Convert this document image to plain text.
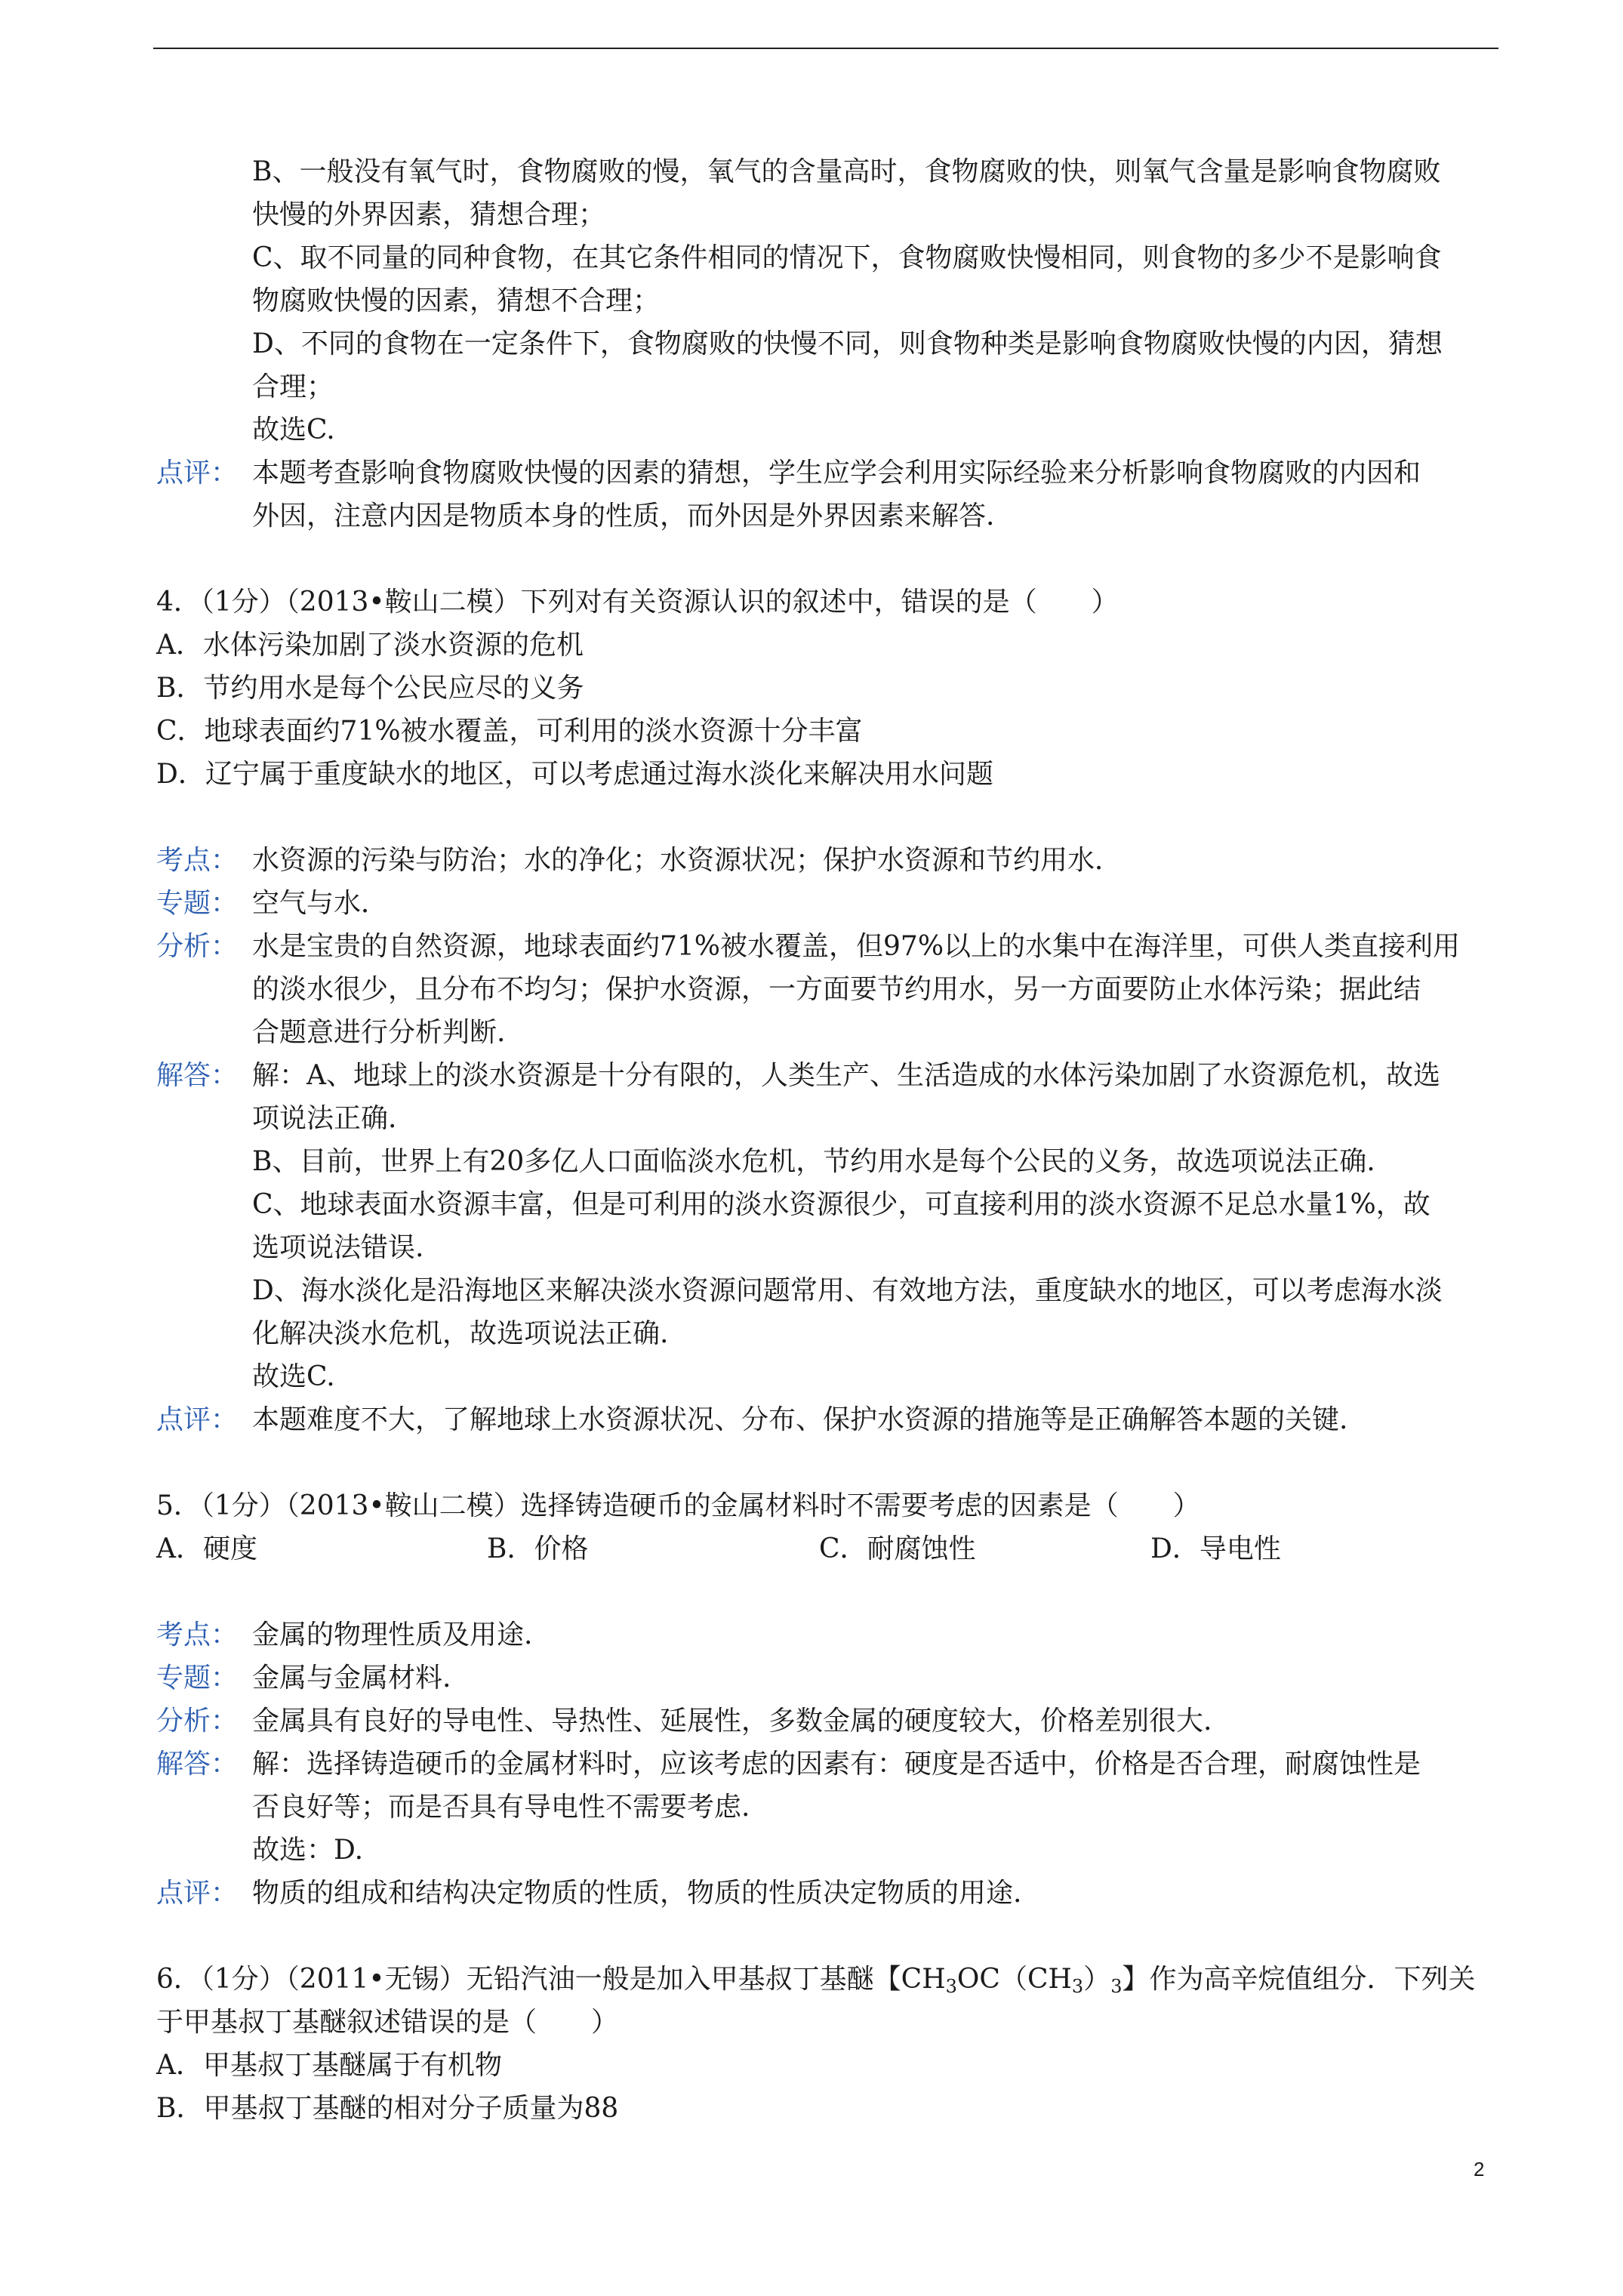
B、一般没有氧气时，食物腐败的慢，氧气的含量高时，食物腐败的快，则氧气含量是影响食物腐败
快慢的外界因素，猜想合理；
C、取不同量的同种食物，在其它条件相同的情况下，食物腐败快慢相同，则食物的多少不是影响食
物腐败快慢的因素，猜想不合理；
D、不同的食物在一定条件下，食物腐败的快慢不同，则食物种类是影响食物腐败快慢的内因，猜想
合理；
故选C.
点评： 本题考查影响食物腐败快慢的因素的猜想，学生应学会利用实际经验来分析影响食物腐败的内因和
外因，注意内因是物质本身的性质，而外因是外界因素来解答.
4．（1分）（2013•鞍山二模）下列对有关资源认识的叙述中，错误的是（　　）
A．水体污染加剧了淡水资源的危机
B．节约用水是每个公民应尽的义务
C．地球表面约71%被水覆盖，可利用的淡水资源十分丰富
D．辽宁属于重度缺水的地区，可以考虑通过海水淡化来解决用水问题
考点： 水资源的污染与防治；水的净化；水资源状况；保护水资源和节约用水．
专题： 空气与水．
分析： 水是宝贵的自然资源，地球表面约71%被水覆盖，但97%以上的水集中在海洋里，可供人类直接利用
的淡水很少，且分布不均匀；保护水资源，一方面要节约用水，另一方面要防止水体污染；据此结
合题意进行分析判断.
解答： 解：A、地球上的淡水资源是十分有限的，人类生产、生活造成的水体污染加剧了水资源危机，故选
项说法正确.
B、目前，世界上有20多亿人口面临淡水危机，节约用水是每个公民的义务，故选项说法正确.
C、地球表面水资源丰富，但是可利用的淡水资源很少，可直接利用的淡水资源不足总水量1%，故
选项说法错误.
D、海水淡化是沿海地区来解决淡水资源问题常用、有效地方法，重度缺水的地区，可以考虑海水淡
化解决淡水危机，故选项说法正确.
故选C.
点评： 本题难度不大，了解地球上水资源状况、分布、保护水资源的措施等是正确解答本题的关键.
5．（1分）（2013•鞍山二模）选择铸造硬币的金属材料时不需要考虑的因素是（　　）
A．硬度	B．价格	C．耐腐蚀性	D．导电性
考点： 金属的物理性质及用途.
专题： 金属与金属材料.
分析： 金属具有良好的导电性、导热性、延展性，多数金属的硬度较大，价格差别很大.
解答： 解：选择铸造硬币的金属材料时，应该考虑的因素有：硬度是否适中，价格是否合理，耐腐蚀性是
否良好等；而是否具有导电性不需要考虑.
故选：D.
点评： 物质的组成和结构决定物质的性质，物质的性质决定物质的用途.
6．（1分）（2011•无锡）无铅汽油一般是加入甲基叔丁基醚【$CH_3OC(CH_3)_3$】作为高辛烷值组分．下列关
于甲基叔丁基醚叙述错误的是（　　）
A．甲基叔丁基醚属于有机物
B．甲基叔丁基醚的相对分子质量为88
2
